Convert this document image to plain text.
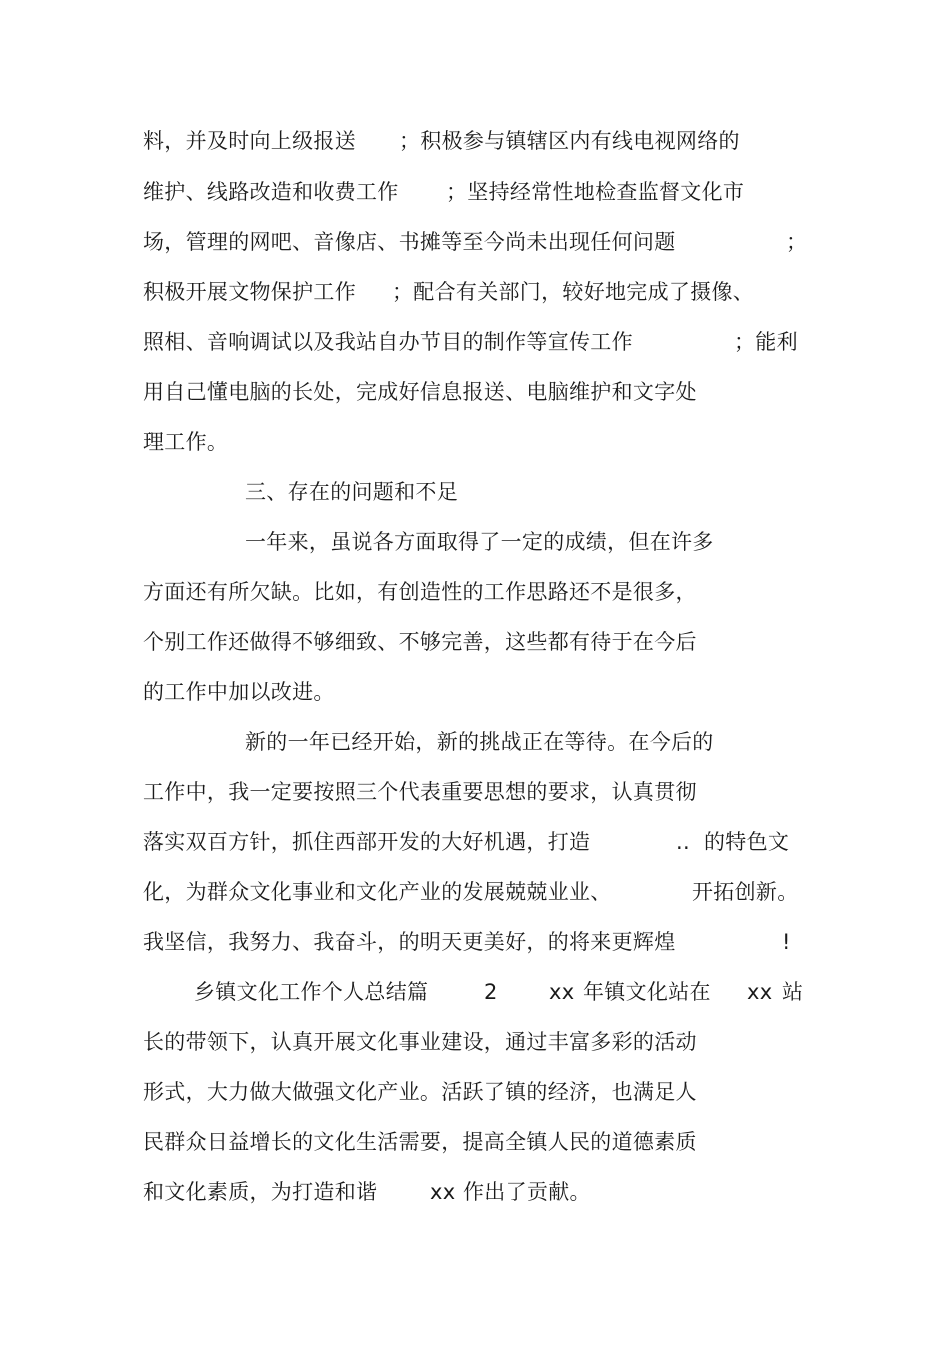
料，并及时向上级报送

；积极参与镇辖区内有线电视网络的

维护、线路改造和收费工作

；坚持经常性地检查监督文化市

场，管理的网吧、音像店、书摊等至今尚未出现任何问题

	；

积极开展文物保护工作

；配合有关部门，较好地完成了摄像、

照相、音响调试以及我站自办节目的制作等宣传工作

	；能利

用自己懂电脑的长处，完成好信息报送、电脑维护和文字处

理工作。

三、存在的问题和不足

一年来，虽说各方面取得了一定的成绩，但在许多

方面还有所欠缺。比如，有创造性的工作思路还不是很多，

个别工作还做得不够细致、不够完善，这些都有待于在今后

的工作中加以改进。

新的一年已经开始，新的挑战正在等待。在今后的

工作中，我一定要按照三个代表重要思想的要求，认真贯彻

落实双百方针，抓住西部开发的大好机遇，打造

	..

的特色文

化，为群众文化事业和文化产业的发展兢兢业业、

	开拓创新。

我坚信，我努力、我奋斗，的明天更美好，的将来更辉煌

	!

乡镇文化工作个人总结篇

	2

xx

年镇文化站在

xx

站

长的带领下，认真开展文化事业建设，通过丰富多彩的活动

形式，大力做大做强文化产业。活跃了镇的经济，也满足人

民群众日益增长的文化生活需要，提高全镇人民的道德素质

和文化素质，为打造和谐

	xx

作出了贡献。
